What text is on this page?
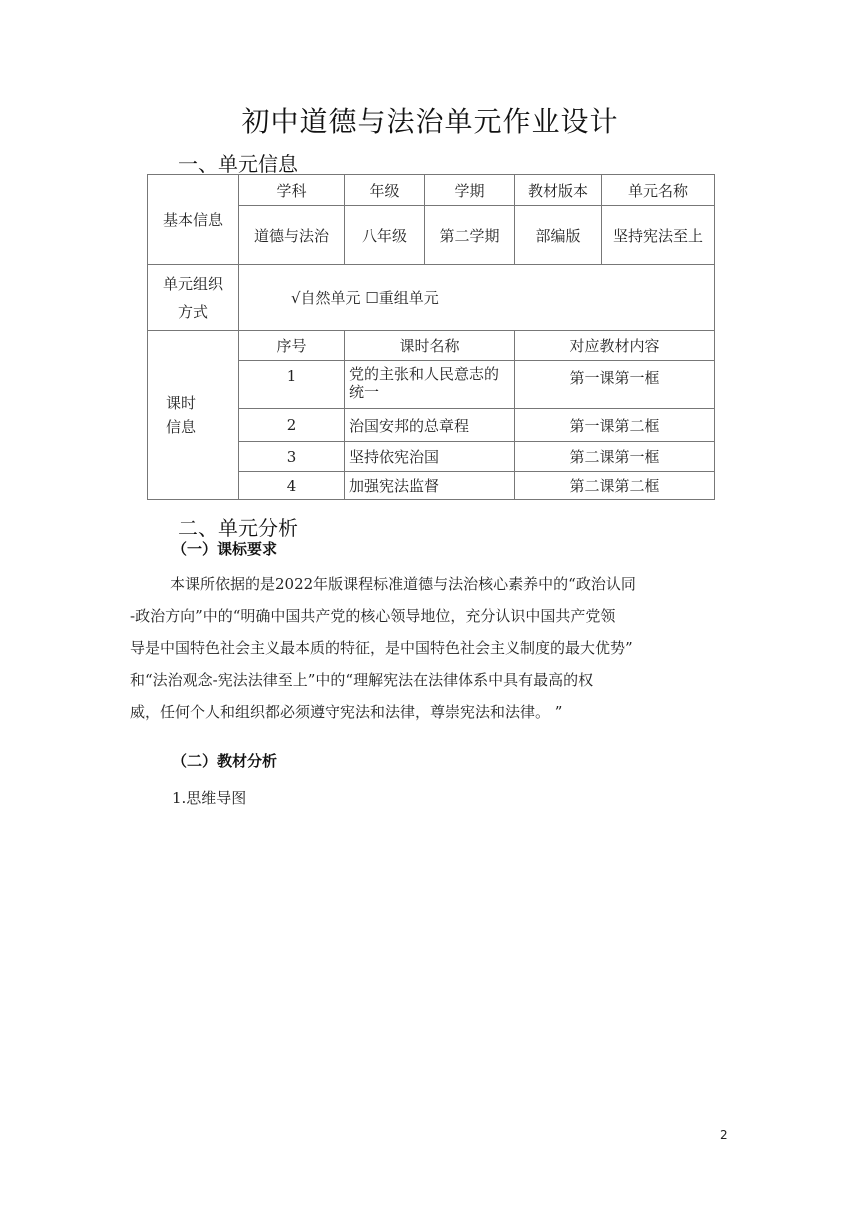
初中道德与法治单元作业设计
一、单元信息
基本信息	学科	年级	学期	教材版本	单元名称
	道德与法治	八年级	第二学期	部编版	坚持宪法至上

单元组织
方式	√自然单元 ☐重组单元				
课时
信息	序号	课时名称	对应教材内容
	1	党的主张和人民意志的统一	第一课第一框
	2	治国安邦的总章程	第一课第二框
	3	坚持依宪治国	第二课第一框
	4	加强宪法监督	第二课第二框
二、单元分析
（一）课标要求
本课所依据的是2022年版课程标准道德与法治核心素养中的“政治认同
-政治方向”中的“明确中国共产党的核心领导地位，充分认识中国共产党领
导是中国特色社会主义最本质的特征，是中国特色社会主义制度的最大优势”
和“法治观念-宪法法律至上”中的“理解宪法在法律体系中具有最高的权
威，任何个人和组织都必须遵守宪法和法律，尊崇宪法和法律。 ”
（二）教材分析
1.思维导图
2
